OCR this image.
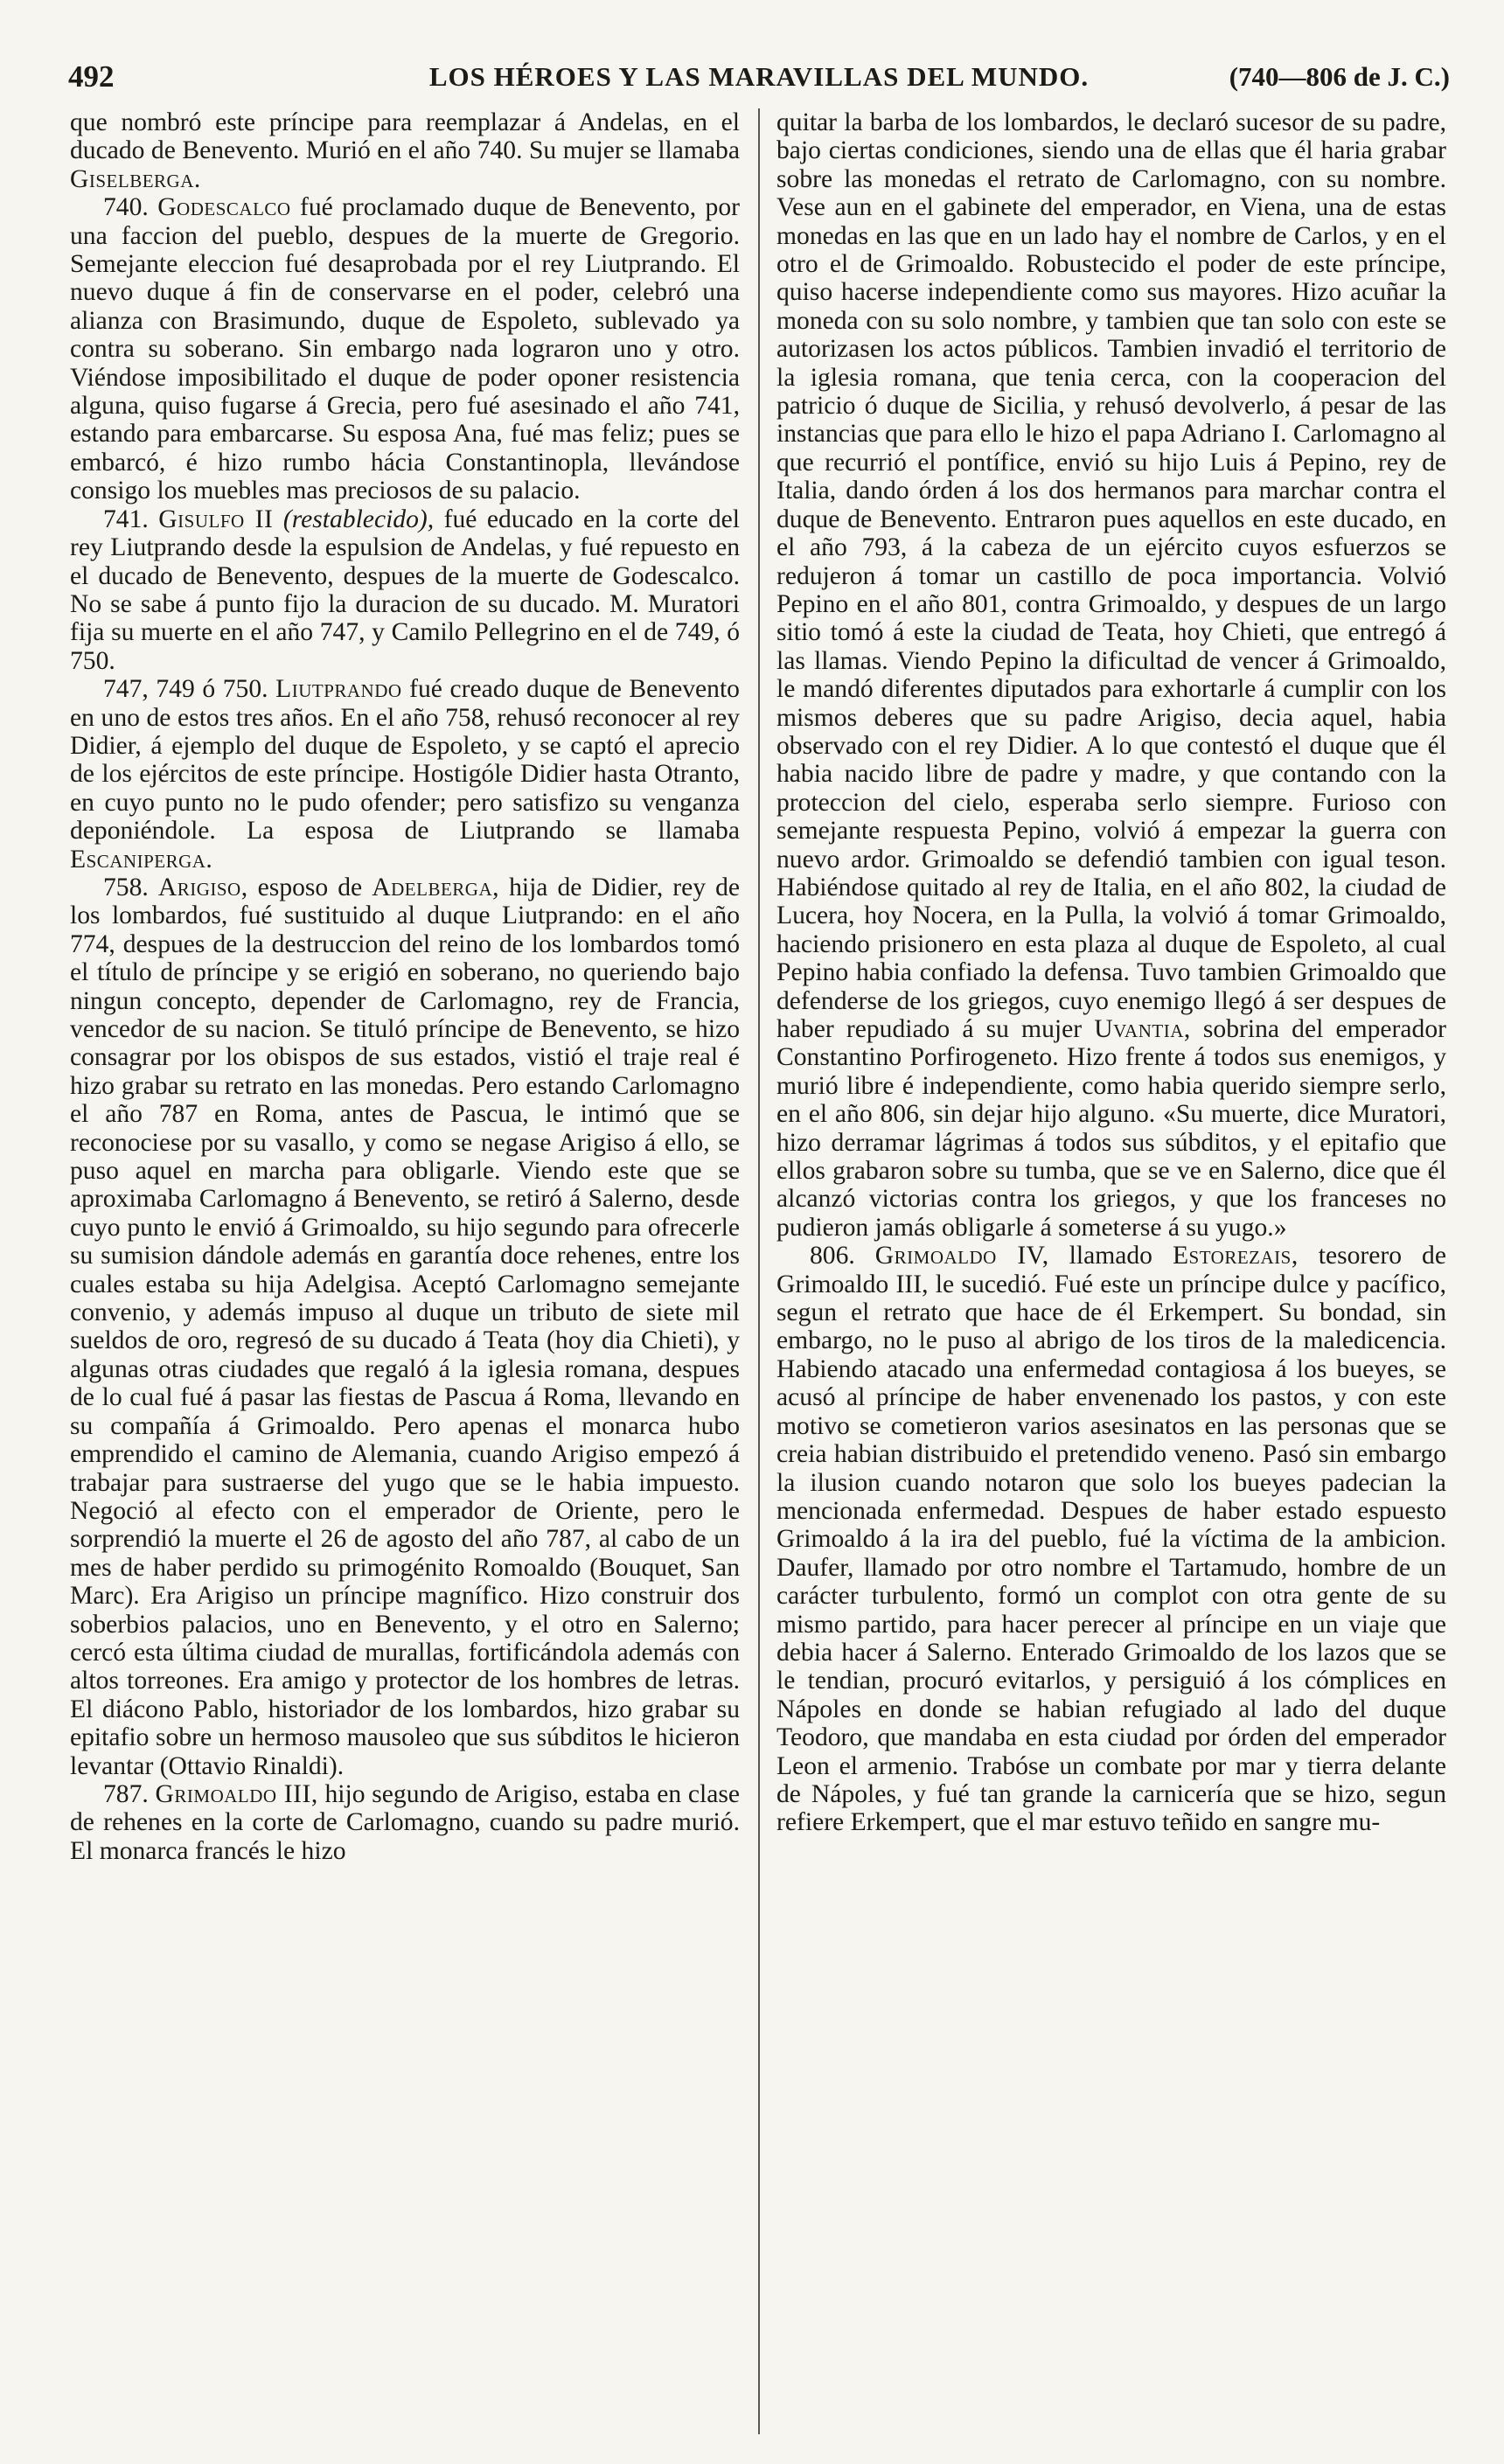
492	LOS HÉROES Y LAS MARAVILLAS DEL MUNDO.	(740—806 de J. C.)

que nombró este príncipe para reemplazar á Andelas, en el ducado de Benevento. Murió en el año 740. Su mujer se llamaba Giselberga.

740. Godescalco fué proclamado duque de Benevento, por una faccion del pueblo, despues de la muerte de Gregorio. Semejante eleccion fué desaprobada por el rey Liutprando. El nuevo duque á fin de conservarse en el poder, celebró una alianza con Brasimundo, duque de Espoleto, sublevado ya contra su soberano. Sin embargo nada lograron uno y otro. Viéndose imposibilitado el duque de poder oponer resistencia alguna, quiso fugarse á Grecia, pero fué asesinado el año 741, estando para embarcarse. Su esposa Ana, fué mas feliz; pues se embarcó, é hizo rumbo hácia Constantinopla, llevándose consigo los muebles mas preciosos de su palacio.

741. Gisulfo II (restablecido), fué educado en la corte del rey Liutprando desde la espulsion de Andelas, y fué repuesto en el ducado de Benevento, despues de la muerte de Godescalco. No se sabe á punto fijo la duracion de su ducado. M. Muratori fija su muerte en el año 747, y Camilo Pellegrino en el de 749, ó 750.

747, 749 ó 750. Liutprando fué creado duque de Benevento en uno de estos tres años. En el año 758, rehusó reconocer al rey Didier, á ejemplo del duque de Espoleto, y se captó el aprecio de los ejércitos de este príncipe. Hostigóle Didier hasta Otranto, en cuyo punto no le pudo ofender; pero satisfizo su venganza deponiéndole. La esposa de Liutprando se llamaba Escaniperga.

758. Arigiso, esposo de Adelberga, hija de Didier, rey de los lombardos, fué sustituido al duque Liutprando: en el año 774, despues de la destruccion del reino de los lombardos tomó el título de príncipe y se erigió en soberano, no queriendo bajo ningun concepto, depender de Carlomagno, rey de Francia, vencedor de su nacion. Se tituló príncipe de Benevento, se hizo consagrar por los obispos de sus estados, vistió el traje real é hizo grabar su retrato en las monedas. Pero estando Carlomagno el año 787 en Roma, antes de Pascua, le intimó que se reconociese por su vasallo, y como se negase Arigiso á ello, se puso aquel en marcha para obligarle. Viendo este que se aproximaba Carlomagno á Benevento, se retiró á Salerno, desde cuyo punto le envió á Grimoaldo, su hijo segundo para ofrecerle su sumision dándole además en garantía doce rehenes, entre los cuales estaba su hija Adelgisa. Aceptó Carlomagno semejante convenio, y además impuso al duque un tributo de siete mil sueldos de oro, regresó de su ducado á Teata (hoy dia Chieti), y algunas otras ciudades que regaló á la iglesia romana, despues de lo cual fué á pasar las fiestas de Pascua á Roma, llevando en su compañía á Grimoaldo. Pero apenas el monarca hubo emprendido el camino de Alemania, cuando Arigiso empezó á trabajar para sustraerse del yugo que se le habia impuesto. Negoció al efecto con el emperador de Oriente, pero le sorprendió la muerte el 26 de agosto del año 787, al cabo de un mes de haber perdido su primogénito Romoaldo (Bouquet, San Marc). Era Arigiso un príncipe magnífico. Hizo construir dos soberbios palacios, uno en Benevento, y el otro en Salerno; cercó esta última ciudad de murallas, fortificándola además con altos torreones. Era amigo y protector de los hombres de letras. El diácono Pablo, historiador de los lombardos, hizo grabar su epitafio sobre un hermoso mausoleo que sus súbditos le hicieron levantar (Ottavio Rinaldi).

787. Grimoaldo III, hijo segundo de Arigiso, estaba en clase de rehenes en la corte de Carlomagno, cuando su padre murió. El monarca francés le hizo

quitar la barba de los lombardos, le declaró sucesor de su padre, bajo ciertas condiciones, siendo una de ellas que él haria grabar sobre las monedas el retrato de Carlomagno, con su nombre. Vese aun en el gabinete del emperador, en Viena, una de estas monedas en las que en un lado hay el nombre de Carlos, y en el otro el de Grimoaldo. Robustecido el poder de este príncipe, quiso hacerse independiente como sus mayores. Hizo acuñar la moneda con su solo nombre, y tambien que tan solo con este se autorizasen los actos públicos. Tambien invadió el territorio de la iglesia romana, que tenia cerca, con la cooperacion del patricio ó duque de Sicilia, y rehusó devolverlo, á pesar de las instancias que para ello le hizo el papa Adriano I. Carlomagno al que recurrió el pontífice, envió su hijo Luis á Pepino, rey de Italia, dando órden á los dos hermanos para marchar contra el duque de Benevento. Entraron pues aquellos en este ducado, en el año 793, á la cabeza de un ejército cuyos esfuerzos se redujeron á tomar un castillo de poca importancia. Volvió Pepino en el año 801, contra Grimoaldo, y despues de un largo sitio tomó á este la ciudad de Teata, hoy Chieti, que entregó á las llamas. Viendo Pepino la dificultad de vencer á Grimoaldo, le mandó diferentes diputados para exhortarle á cumplir con los mismos deberes que su padre Arigiso, decia aquel, habia observado con el rey Didier. A lo que contestó el duque que él habia nacido libre de padre y madre, y que contando con la proteccion del cielo, esperaba serlo siempre. Furioso con semejante respuesta Pepino, volvió á empezar la guerra con nuevo ardor. Grimoaldo se defendió tambien con igual teson. Habiéndose quitado al rey de Italia, en el año 802, la ciudad de Lucera, hoy Nocera, en la Pulla, la volvió á tomar Grimoaldo, haciendo prisionero en esta plaza al duque de Espoleto, al cual Pepino habia confiado la defensa. Tuvo tambien Grimoaldo que defenderse de los griegos, cuyo enemigo llegó á ser despues de haber repudiado á su mujer Uvantia, sobrina del emperador Constantino Porfirogeneto. Hizo frente á todos sus enemigos, y murió libre é independiente, como habia querido siempre serlo, en el año 806, sin dejar hijo alguno. «Su muerte, dice Muratori, hizo derramar lágrimas á todos sus súbditos, y el epitafio que ellos grabaron sobre su tumba, que se ve en Salerno, dice que él alcanzó victorias contra los griegos, y que los franceses no pudieron jamás obligarle á someterse á su yugo.»

806. Grimoaldo IV, llamado Estorezais, tesorero de Grimoaldo III, le sucedió. Fué este un príncipe dulce y pacífico, segun el retrato que hace de él Erkempert. Su bondad, sin embargo, no le puso al abrigo de los tiros de la maledicencia. Habiendo atacado una enfermedad contagiosa á los bueyes, se acusó al príncipe de haber envenenado los pastos, y con este motivo se cometieron varios asesinatos en las personas que se creia habian distribuido el pretendido veneno. Pasó sin embargo la ilusion cuando notaron que solo los bueyes padecian la mencionada enfermedad. Despues de haber estado espuesto Grimoaldo á la ira del pueblo, fué la víctima de la ambicion. Daufer, llamado por otro nombre el Tartamudo, hombre de un carácter turbulento, formó un complot con otra gente de su mismo partido, para hacer perecer al príncipe en un viaje que debia hacer á Salerno. Enterado Grimoaldo de los lazos que se le tendian, procuró evitarlos, y persiguió á los cómplices en Nápoles en donde se habian refugiado al lado del duque Teodoro, que mandaba en esta ciudad por órden del emperador Leon el armenio. Trabóse un combate por mar y tierra delante de Nápoles, y fué tan grande la carnicería que se hizo, segun refiere Erkempert, que el mar estuvo teñido en sangre mu-
